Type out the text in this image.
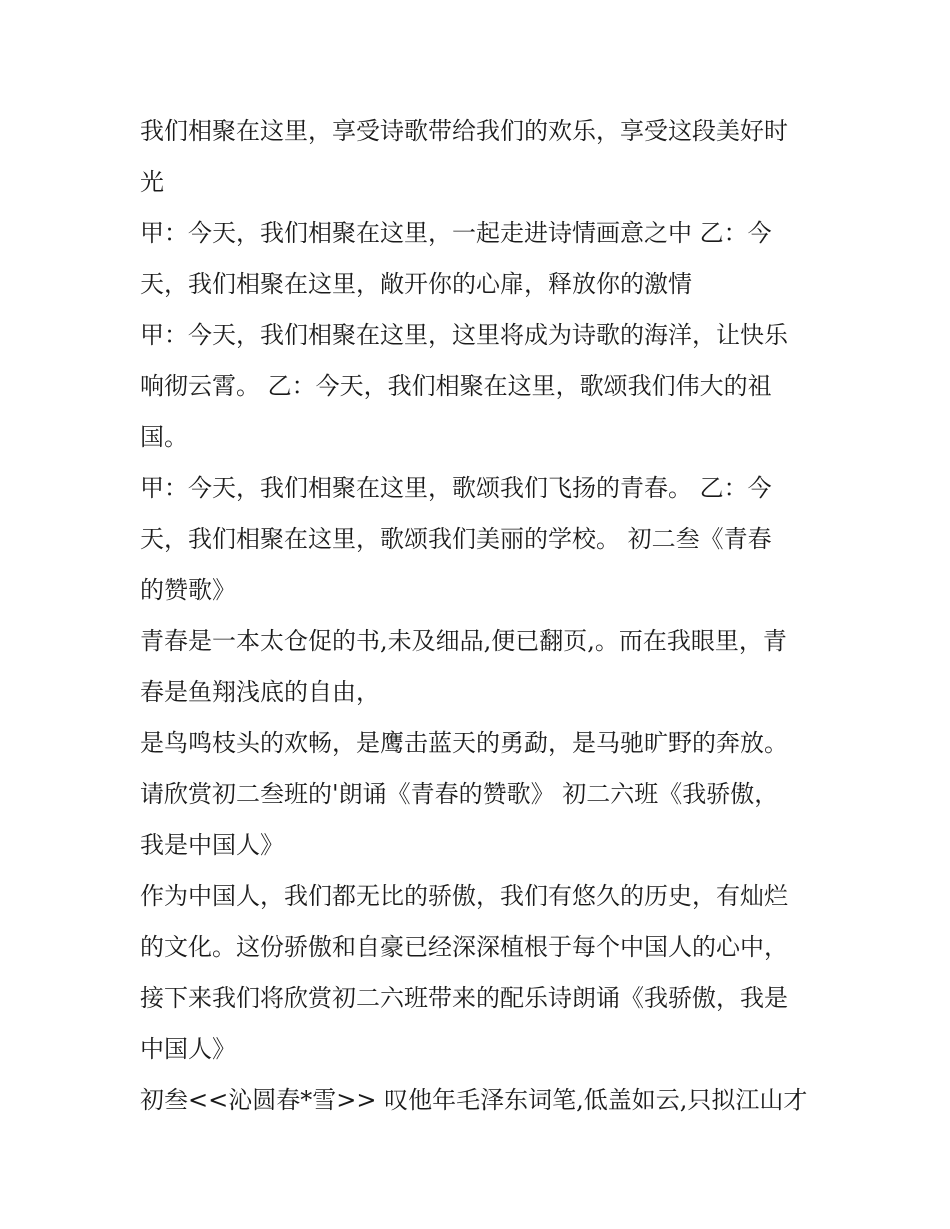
我们相聚在这里，享受诗歌带给我们的欢乐，享受这段美好时
光
甲：今天，我们相聚在这里，一起走进诗情画意之中 乙：今
天，我们相聚在这里，敞开你的心扉，释放你的激情
甲：今天，我们相聚在这里，这里将成为诗歌的海洋，让快乐
响彻云霄。 乙：今天，我们相聚在这里，歌颂我们伟大的祖
国。
甲：今天，我们相聚在这里，歌颂我们飞扬的青春。 乙：今
天，我们相聚在这里，歌颂我们美丽的学校。 初二叁《青春
的赞歌》
青春是一本太仓促的书,未及细品,便已翻页,。而在我眼里，青
春是鱼翔浅底的自由，
是鸟鸣枝头的欢畅，是鹰击蓝天的勇勐，是马驰旷野的奔放。
请欣赏初二叁班的'朗诵《青春的赞歌》 初二六班《我骄傲，
我是中国人》
作为中国人，我们都无比的骄傲，我们有悠久的历史，有灿烂
的文化。这份骄傲和自豪已经深深植根于每个中国人的心中，
接下来我们将欣赏初二六班带来的配乐诗朗诵《我骄傲，我是
中国人》
初叁<<沁圆春*雪>> 叹他年毛泽东词笔,低盖如云,只拟江山才
